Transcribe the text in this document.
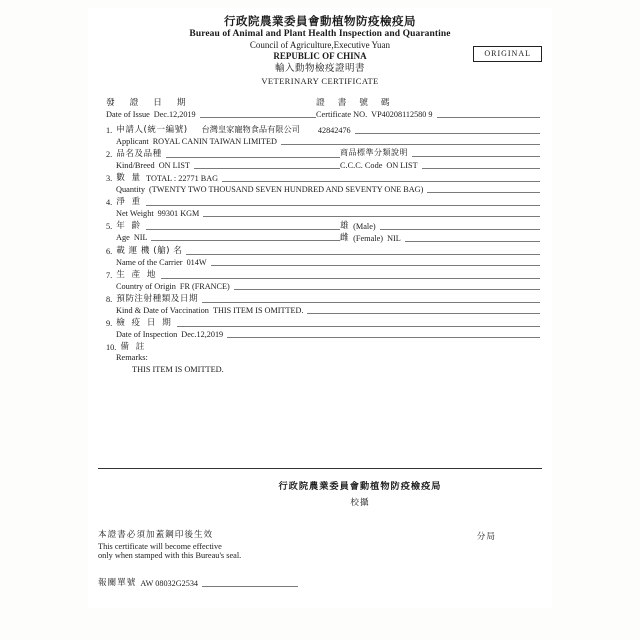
行政院農業委員會動植物防疫檢疫局
Bureau of Animal and Plant Health Inspection and Quarantine
Council of Agriculture,Executive Yuan
REPUBLIC OF CHINA
輸入動物檢疫證明書
VETERINARY CERTIFICATE
ORIGINAL
發 證 日 期
Date of Issue Dec.12,2019
證 書 號 碼
Certificate NO. VP40208112580 9
1. 申請人(統一編號)	台灣皇家寵物食品有限公司	42842476
Applicant ROYAL CANIN TAIWAN LIMITED
2. 品名及品種	商品標準分類說明
Kind/Breed ON LIST	C.C.C. Code ON LIST
3. 數 量 TOTAL : 22771 BAG
Quantity (TWENTY TWO THOUSAND SEVEN HUNDRED AND SEVENTY ONE BAG)
4. 淨 重
Net Weight 99301 KGM
5. 年 齡	雄 (Male)
Age NIL	雌 (Female) NIL
6. 載 運 機 (艙) 名
Name of the Carrier 014W
7. 生 產 地
Country of Origin FR (FRANCE)
8. 預防注射種類及日期
Kind & Date of Vaccination THIS ITEM IS OMITTED.
9. 檢 疫 日 期
Date of Inspection Dec.12,2019
10. 備 註
Remarks:
THIS ITEM IS OMITTED.
行政院農業委員會動植物防疫檢疫局
校攝
分局
本證書必須加蓋鋼印後生效
This certificate will become effective
only when stamped with this Bureau's seal.
報關單號 AW 08032G2534
